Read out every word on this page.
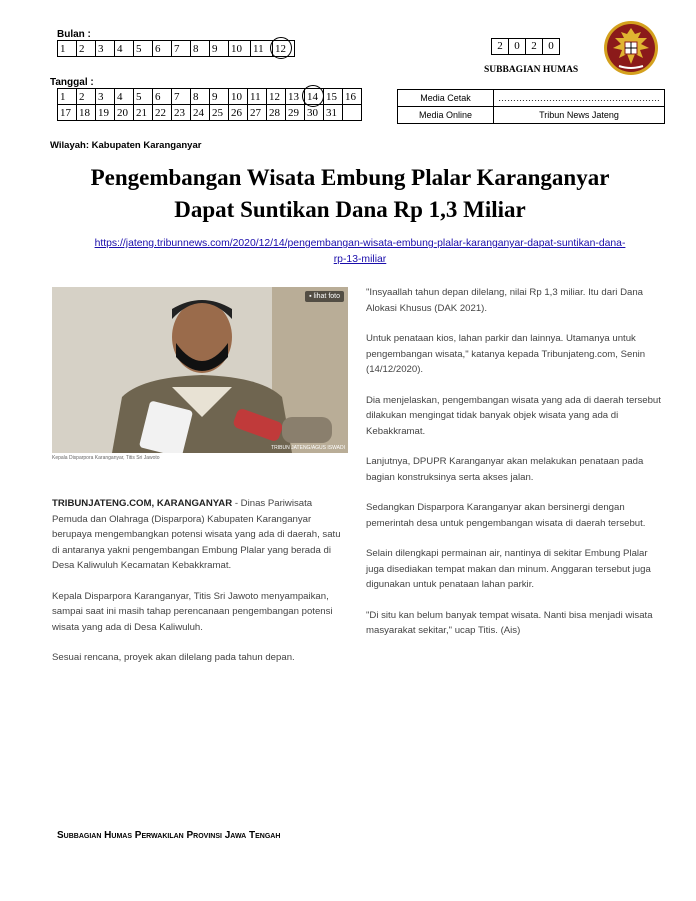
Bulan :
1	2	3	4	5	6	7	8	9	10	11	12
Tanggal :
1	2	3	4	5	6	7	8	9	10	11	12	13	14	15	16
17	18	19	20	21	22	23	24	25	26	27	28	29	30	31	
2	0	2	0
SUBBAGIAN HUMAS
Media Cetak	………………………………………………
Media Online	Tribun News Jateng
Wilayah: Kabupaten Karanganyar
Pengembangan Wisata Embung Plalar Karanganyar
Dapat Suntikan Dana Rp 1,3 Miliar
https://jateng.tribunnews.com/2020/12/14/pengembangan-wisata-embung-plalar-karanganyar-dapat-suntikan-dana-
rp-13-miliar
▪ lihat foto
TRIBUN JATENG/AGUS ISWADI
Kepala Disparpora Karanganyar, Titis Sri Jawoto

TRIBUNJATENG.COM, KARANGANYAR - Dinas Pariwisata Pemuda dan Olahraga (Disparpora) Kabupaten Karanganyar berupaya mengembangkan potensi wisata yang ada di daerah, satu di antaranya yakni pengembangan Embung Plalar yang berada di Desa Kaliwuluh Kecamatan Kebakkramat.

Kepala Disparpora Karanganyar, Titis Sri Jawoto menyampaikan, sampai saat ini masih tahap perencanaan pengembangan potensi wisata yang ada di Desa Kaliwuluh.

Sesuai rencana, proyek akan dilelang pada tahun depan.

"Insyaallah tahun depan dilelang, nilai Rp 1,3 miliar. Itu dari Dana Alokasi Khusus (DAK 2021).

Untuk penataan kios, lahan parkir dan lainnya. Utamanya untuk pengembangan wisata," katanya kepada Tribunjateng.com, Senin (14/12/2020).

Dia menjelaskan, pengembangan wisata yang ada di daerah tersebut dilakukan mengingat tidak banyak objek wisata yang ada di Kebakkramat.

Lanjutnya, DPUPR Karanganyar akan melakukan penataan pada bagian konstruksinya serta akses jalan.

Sedangkan Disparpora Karanganyar akan bersinergi dengan pemerintah desa untuk pengembangan wisata di daerah tersebut.

Selain dilengkapi permainan air, nantinya di sekitar Embung Plalar juga disediakan tempat makan dan minum. Anggaran tersebut juga digunakan untuk penataan lahan parkir.

"Di situ kan belum banyak tempat wisata. Nanti bisa menjadi wisata masyarakat sekitar," ucap Titis. (Ais)

Subbagian Humas Perwakilan Provinsi Jawa Tengah
